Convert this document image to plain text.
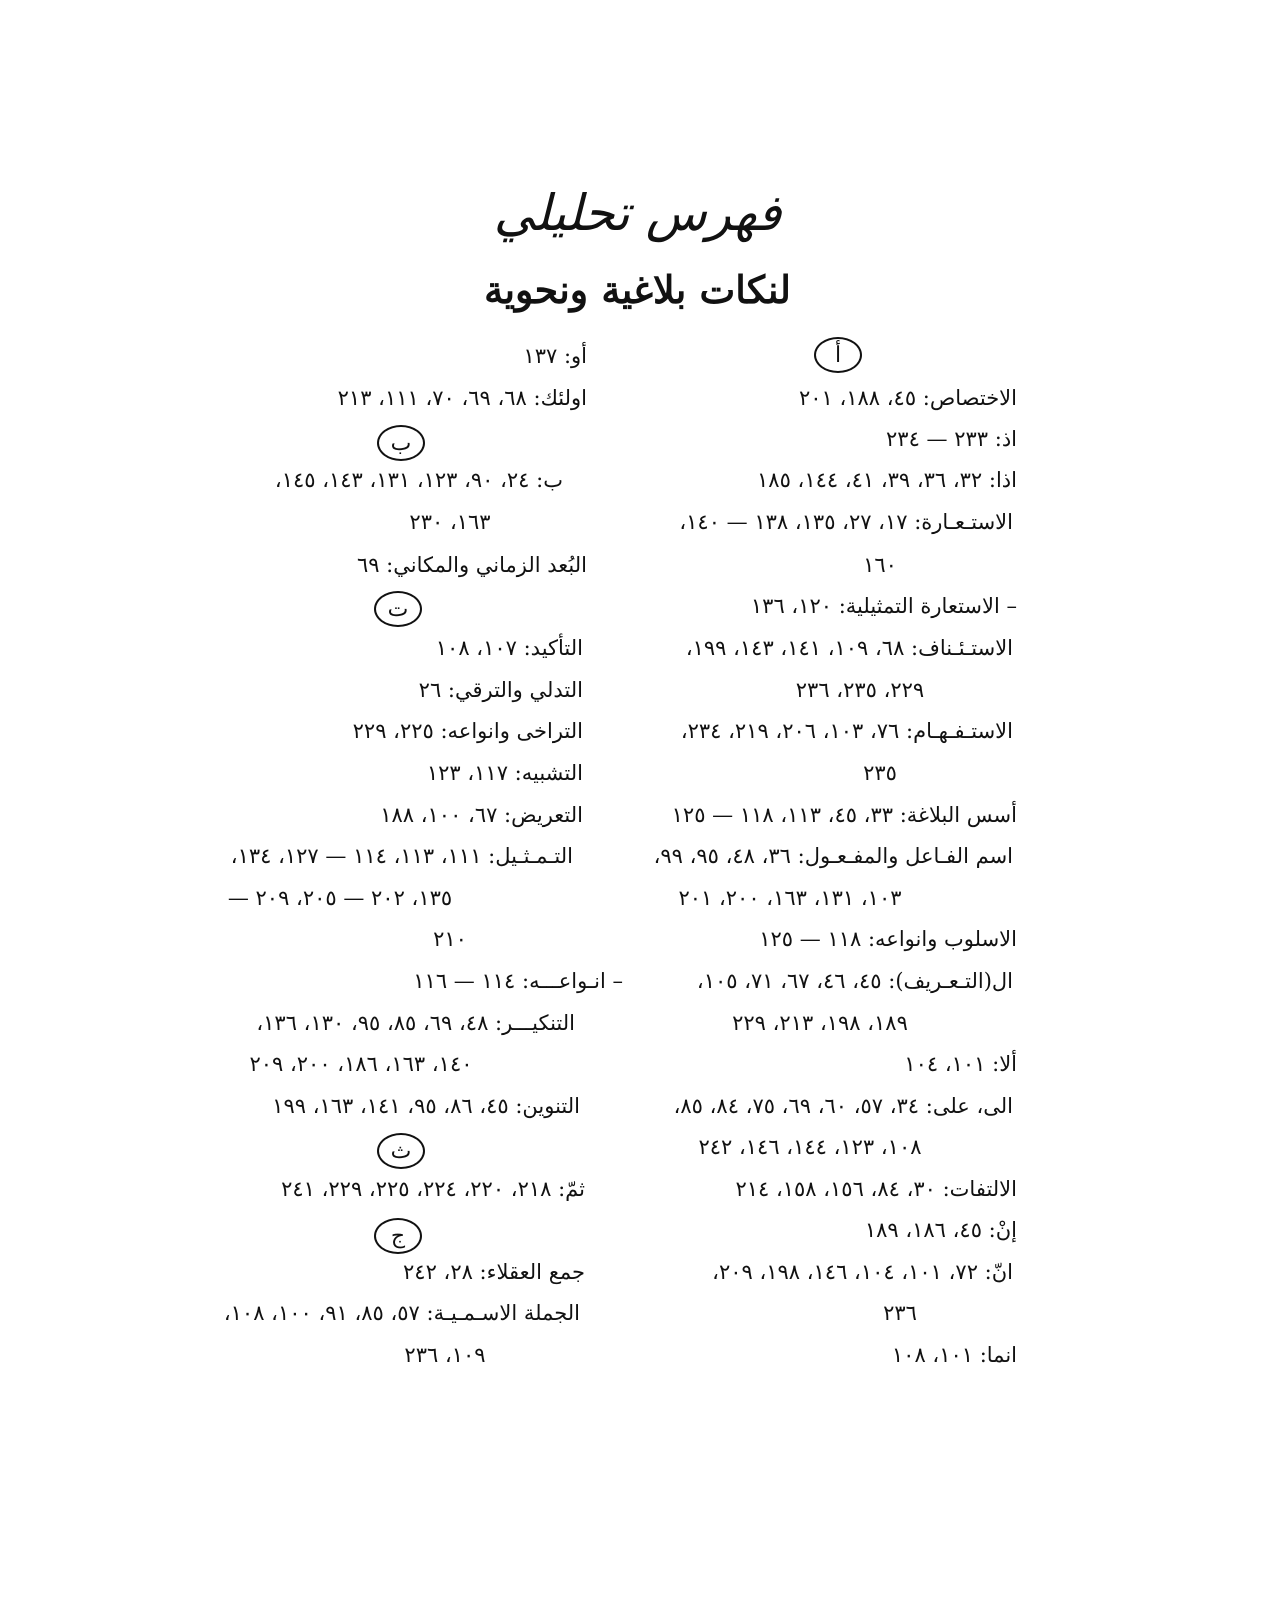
فهرس تحليلي
لنكات بلاغية ونحوية
أ
الاختصاص: ٤٥، ١٨٨، ٢٠١
اذ: ٢٣٣ — ٢٣٤
اذا: ٣٢، ٣٦، ٣٩، ٤١، ١٤٤، ١٨٥
الاستـعـارة: ١٧، ٢٧، ١٣٥، ١٣٨ — ١٤٠،
١٦٠
– الاستعارة التمثيلية: ١٢٠، ١٣٦
الاستـئـناف: ٦٨، ١٠٩، ١٤١، ١٤٣، ١٩٩،
٢٢٩، ٢٣٥، ٢٣٦
الاستـفـهـام: ٧٦، ١٠٣، ٢٠٦، ٢١٩، ٢٣٤،
٢٣٥
أسس البلاغة: ٣٣، ٤٥، ١١٣، ١١٨ — ١٢٥
اسم الفـاعل والمفـعـول: ٣٦، ٤٨، ٩٥، ٩٩،
١٠٣، ١٣١، ١٦٣، ٢٠٠، ٢٠١
الاسلوب وانواعه: ١١٨ — ١٢٥
ال(التـعـريف): ٤٥، ٤٦، ٦٧، ٧١، ١٠٥،
١٨٩، ١٩٨، ٢١٣، ٢٢٩
ألا: ١٠١، ١٠٤
الى، على: ٣٤، ٥٧، ٦٠، ٦٩، ٧٥، ٨٤، ٨٥،
١٠٨، ١٢٣، ١٤٤، ١٤٦، ٢٤٢
الالتفات: ٣٠، ٨٤، ١٥٦، ١٥٨، ٢١٤
إنْ: ٤٥، ١٨٦، ١٨٩
انّ: ٧٢، ١٠١، ١٠٤، ١٤٦، ١٩٨، ٢٠٩،
٢٣٦
انما: ١٠١، ١٠٨
أو: ١٣٧
اولئك: ٦٨، ٦٩، ٧٠، ١١١، ٢١٣
ب
ب: ٢٤، ٩٠، ١٢٣، ١٣١، ١٤٣، ١٤٥،
١٦٣، ٢٣٠
البُعد الزماني والمكاني: ٦٩
ت
التأكيد: ١٠٧، ١٠٨
التدلي والترقي: ٢٦
التراخى وانواعه: ٢٢٥، ٢٢٩
التشبيه: ١١٧، ١٢٣
التعريض: ٦٧، ١٠٠، ١٨٨
التـمـثـيل: ١١١، ١١٣، ١١٤ — ١٢٧، ١٣٤،
١٣٥، ٢٠٢ — ٢٠٥، ٢٠٩ —
٢١٠
– انـواعـــه: ١١٤ — ١١٦
التنكيـــر: ٤٨، ٦٩، ٨٥، ٩٥، ١٣٠، ١٣٦،
١٤٠، ١٦٣، ١٨٦، ٢٠٠، ٢٠٩
التنوين: ٤٥، ٨٦، ٩٥، ١٤١، ١٦٣، ١٩٩
ث
ثمّ: ٢١٨، ٢٢٠، ٢٢٤، ٢٢٥، ٢٢٩، ٢٤١
ج
جمع العقلاء: ٢٨، ٢٤٢
الجملة الاسـمـيـة: ٥٧، ٨٥، ٩١، ١٠٠، ١٠٨،
١٠٩، ٢٣٦
